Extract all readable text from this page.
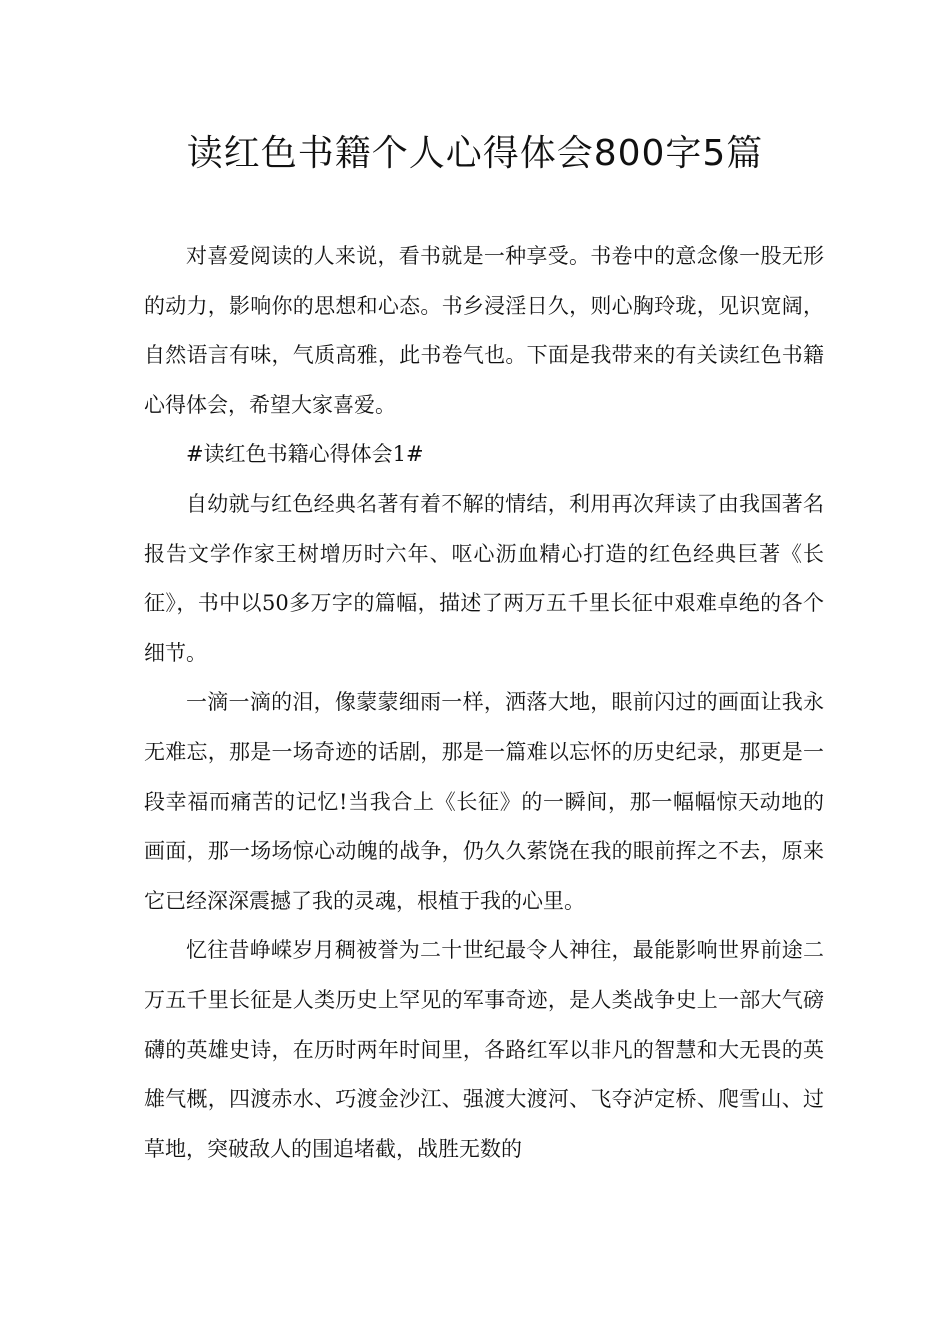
读红色书籍个人心得体会800字5篇

对喜爱阅读的人来说，看书就是一种享受。书卷中的意念像一股无形的动力，影响你的思想和心态。书乡浸淫日久，则心胸玲珑，见识宽阔，自然语言有味，气质高雅，此书卷气也。下面是我带来的有关读红色书籍心得体会，希望大家喜爱。

#读红色书籍心得体会1#

自幼就与红色经典名著有着不解的情结，利用再次拜读了由我国著名报告文学作家王树增历时六年、呕心沥血精心打造的红色经典巨著《长征》，书中以50多万字的篇幅，描述了两万五千里长征中艰难卓绝的各个细节。

一滴一滴的泪，像蒙蒙细雨一样，洒落大地，眼前闪过的画面让我永无难忘，那是一场奇迹的话剧，那是一篇难以忘怀的历史纪录，那更是一段幸福而痛苦的记忆!当我合上《长征》的一瞬间，那一幅幅惊天动地的画面，那一场场惊心动魄的战争，仍久久萦饶在我的眼前挥之不去，原来它已经深深震撼了我的灵魂，根植于我的心里。

忆往昔峥嵘岁月稠被誉为二十世纪最令人神往，最能影响世界前途二万五千里长征是人类历史上罕见的军事奇迹，是人类战争史上一部大气磅礴的英雄史诗，在历时两年时间里，各路红军以非凡的智慧和大无畏的英雄气概，四渡赤水、巧渡金沙江、强渡大渡河、飞夺泸定桥、爬雪山、过草地，突破敌人的围追堵截，战胜无数的
